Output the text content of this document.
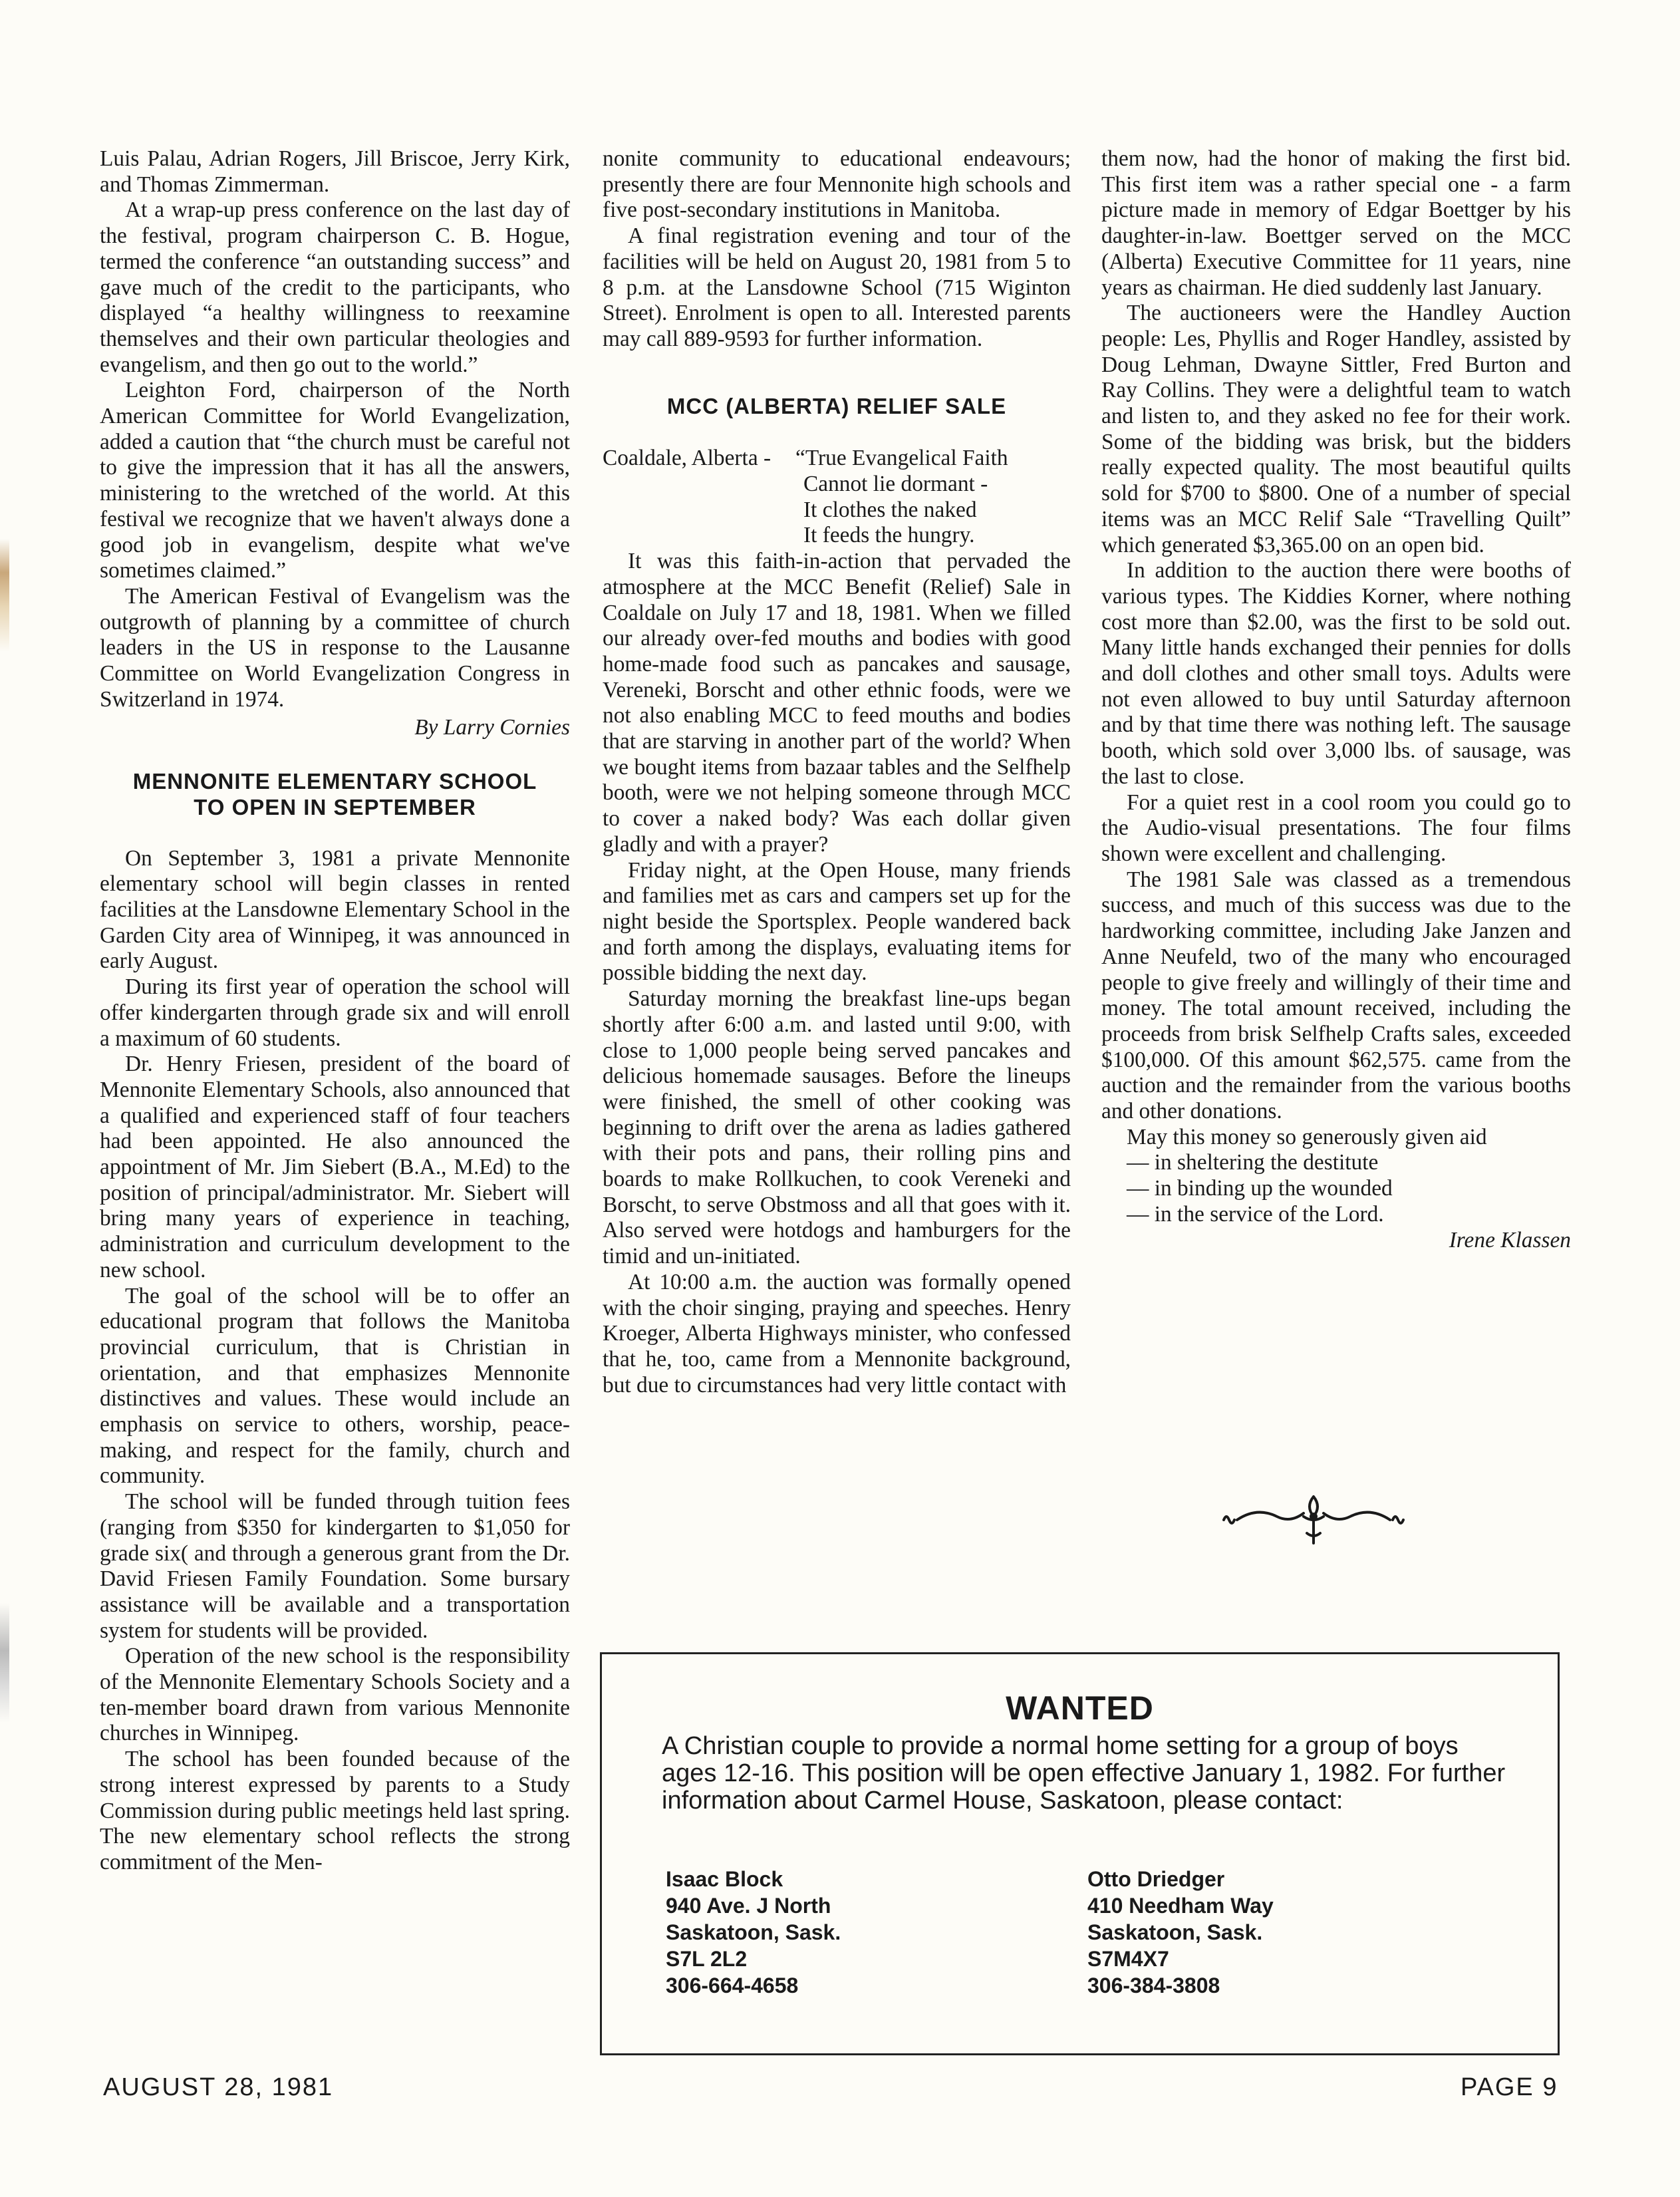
Luis Palau, Adrian Rogers, Jill Briscoe, Jerry Kirk, and Thomas Zimmerman.

At a wrap-up press conference on the last day of the festival, program chairperson C. B. Hogue, termed the conference “an outstanding success” and gave much of the credit to the participants, who displayed “a healthy willingness to reexamine themselves and their own particular theologies and evangelism, and then go out to the world.”

Leighton Ford, chairperson of the North American Committee for World Evangelization, added a caution that “the church must be careful not to give the impression that it has all the answers, ministering to the wretched of the world. At this festival we recognize that we haven't always done a good job in evangelism, despite what we've sometimes claimed.”

The American Festival of Evangelism was the outgrowth of planning by a committee of church leaders in the US in response to the Lausanne Committee on World Evangelization Congress in Switzerland in 1974.

By Larry Cornies

MENNONITE ELEMENTARY SCHOOL
TO OPEN IN SEPTEMBER

On September 3, 1981 a private Mennonite elementary school will begin classes in rented facilities at the Lansdowne Elementary School in the Garden City area of Winnipeg, it was announced in early August.

During its first year of operation the school will offer kindergarten through grade six and will enroll a maximum of 60 students.

Dr. Henry Friesen, president of the board of Mennonite Elementary Schools, also announced that a qualified and experienced staff of four teachers had been appointed. He also announced the appointment of Mr. Jim Siebert (B.A., M.Ed) to the position of principal/administrator. Mr. Siebert will bring many years of experience in teaching, administration and curriculum development to the new school.

The goal of the school will be to offer an educational program that follows the Manitoba provincial curriculum, that is Christian in orientation, and that emphasizes Mennonite distinctives and values. These would include an emphasis on service to others, worship, peace-making, and respect for the family, church and community.

The school will be funded through tuition fees (ranging from $350 for kindergarten to $1,050 for grade six( and through a generous grant from the Dr. David Friesen Family Foundation. Some bursary assistance will be available and a transportation system for students will be provided.

Operation of the new school is the responsibility of the Mennonite Elementary Schools Society and a ten-member board drawn from various Mennonite churches in Winnipeg.

The school has been founded because of the strong interest expressed by parents to a Study Commission during public meetings held last spring. The new elementary school reflects the strong commitment of the Men-

nonite community to educational endeavours; presently there are four Mennonite high schools and five post-secondary institutions in Manitoba.

A final registration evening and tour of the facilities will be held on August 20, 1981 from 5 to 8 p.m. at the Lansdowne School (715 Wiginton Street). Enrolment is open to all. Interested parents may call 889-9593 for further information.

MCC (ALBERTA) RELIEF SALE
Coaldale, Alberta -	“True Evangelical Faith
Cannot lie dormant -
It clothes the naked
It feeds the hungry.

It was this faith-in-action that pervaded the atmosphere at the MCC Benefit (Relief) Sale in Coaldale on July 17 and 18, 1981. When we filled our already over-fed mouths and bodies with good home-made food such as pancakes and sausage, Vereneki, Borscht and other ethnic foods, were we not also enabling MCC to feed mouths and bodies that are starving in another part of the world? When we bought items from bazaar tables and the Selfhelp booth, were we not helping someone through MCC to cover a naked body? Was each dollar given gladly and with a prayer?

Friday night, at the Open House, many friends and families met as cars and campers set up for the night beside the Sportsplex. People wandered back and forth among the displays, evaluating items for possible bidding the next day.

Saturday morning the breakfast line-ups began shortly after 6:00 a.m. and lasted until 9:00, with close to 1,000 people being served pancakes and delicious homemade sausages. Before the lineups were finished, the smell of other cooking was beginning to drift over the arena as ladies gathered with their pots and pans, their rolling pins and boards to make Rollkuchen, to cook Vereneki and Borscht, to serve Obstmoss and all that goes with it. Also served were hotdogs and hamburgers for the timid and un-initiated.

At 10:00 a.m. the auction was formally opened with the choir singing, praying and speeches. Henry Kroeger, Alberta Highways minister, who confessed that he, too, came from a Mennonite background, but due to circumstances had very little contact with

them now, had the honor of making the first bid. This first item was a rather special one - a farm picture made in memory of Edgar Boettger by his daughter-in-law. Boettger served on the MCC (Alberta) Executive Committee for 11 years, nine years as chairman. He died suddenly last January.

The auctioneers were the Handley Auction people: Les, Phyllis and Roger Handley, assisted by Doug Lehman, Dwayne Sittler, Fred Burton and Ray Collins. They were a delightful team to watch and listen to, and they asked no fee for their work. Some of the bidding was brisk, but the bidders really expected quality. The most beautiful quilts sold for $700 to $800. One of a number of special items was an MCC Relif Sale “Travelling Quilt” which generated $3,365.00 on an open bid.

In addition to the auction there were booths of various types. The Kiddies Korner, where nothing cost more than $2.00, was the first to be sold out. Many little hands exchanged their pennies for dolls and doll clothes and other small toys. Adults were not even allowed to buy until Saturday afternoon and by that time there was nothing left. The sausage booth, which sold over 3,000 lbs. of sausage, was the last to close.

For a quiet rest in a cool room you could go to the Audio-visual presentations. The four films shown were excellent and challenging.

The 1981 Sale was classed as a tremendous success, and much of this success was due to the hardworking committee, including Jake Janzen and Anne Neufeld, two of the many who encouraged people to give freely and willingly of their time and money. The total amount received, including the proceeds from brisk Selfhelp Crafts sales, exceeded $100,000. Of this amount $62,575. came from the auction and the remainder from the various booths and other donations.

May this money so generously given aid
— in sheltering the destitute
— in binding up the wounded
— in the service of the Lord.

Irene Klassen

WANTED
A Christian couple to provide a normal home setting for a group of boys ages 12-16. This position will be open effective January 1, 1982. For further information about Carmel House, Saskatoon, please contact:
Isaac Block
940 Ave. J North
Saskatoon, Sask.
S7L 2L2
306-664-4658
Otto Driedger
410 Needham Way
Saskatoon, Sask.
S7M4X7
306-384-3808
AUGUST 28, 1981	PAGE 9
